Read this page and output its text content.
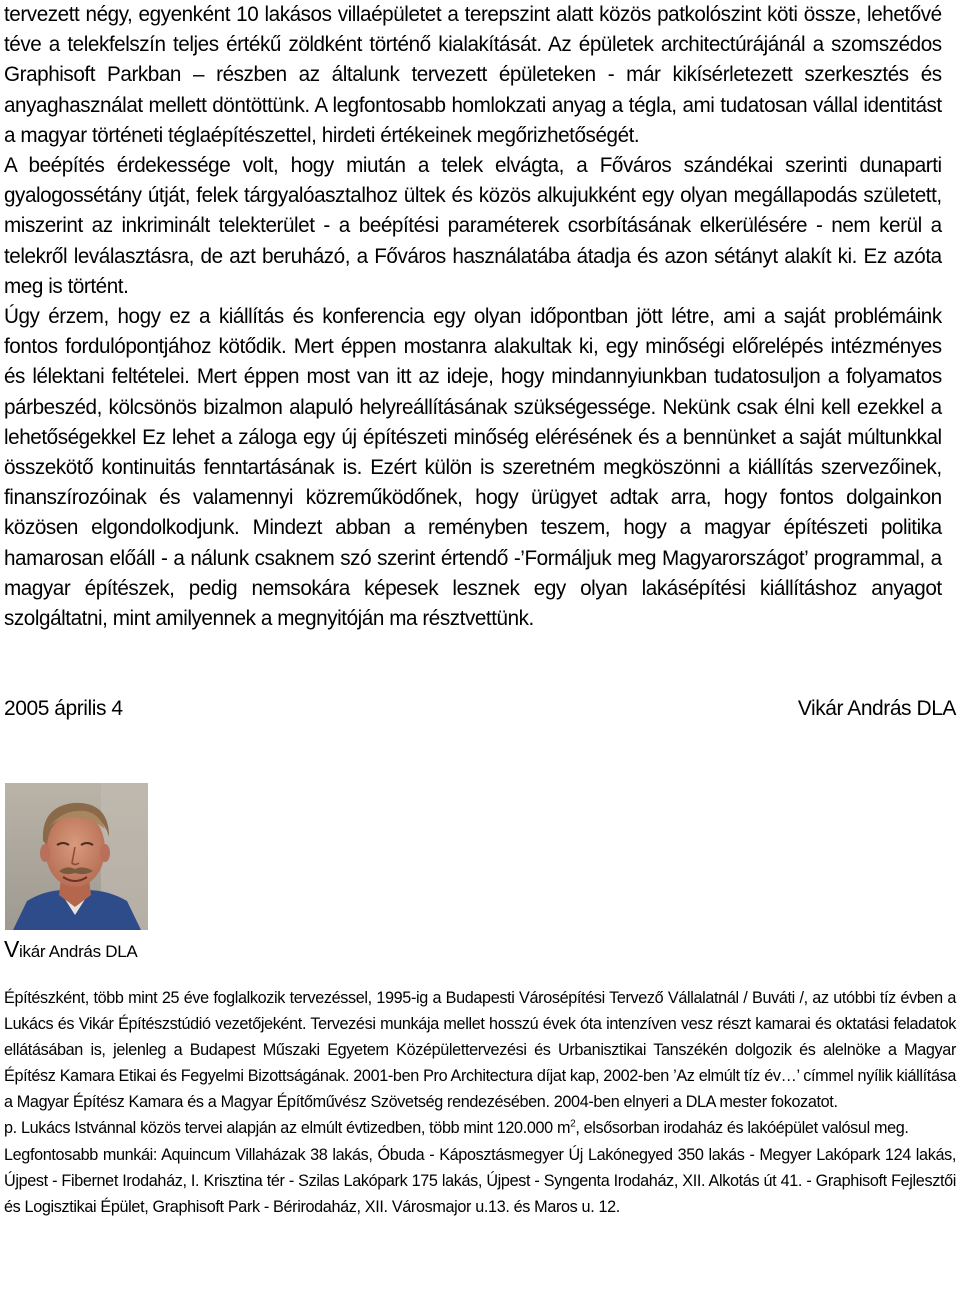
tervezett négy, egyenként 10 lakásos villaépületet a terepszint alatt közös patkolószint köti össze, lehetővé téve a telekfelszín teljes értékű zöldként történő kialakítását. Az épületek architectúrájánál a szomszédos Graphisoft Parkban – részben az általunk tervezett épületeken - már kikísérletezett szerkesztés és anyaghasználat mellett döntöttünk. A legfontosabb homlokzati anyag a tégla, ami tudatosan vállal identitást a magyar történeti téglaépítészettel, hirdeti értékeinek megőrizhetőségét.

A beépítés érdekessége volt, hogy miután a telek elvágta, a Főváros szándékai szerinti dunaparti gyalogossétány útját, felek tárgyalóasztalhoz ültek és közös alkujukként egy olyan megállapodás született, miszerint az inkriminált telekterület - a beépítési paraméterek csorbításának elkerülésére - nem kerül a telekről leválasztásra, de azt beruházó, a Főváros használatába átadja és azon sétányt alakít ki. Ez azóta meg is történt.

Úgy érzem, hogy ez a kiállítás és konferencia egy olyan időpontban jött létre, ami a saját problémáink fontos fordulópontjához kötődik. Mert éppen mostanra alakultak ki, egy minőségi előrelépés intézményes és lélektani feltételei. Mert éppen most van itt az ideje, hogy mindannyiunkban tudatosuljon a folyamatos párbeszéd, kölcsönös bizalmon alapuló helyreállításának szükségessége. Nekünk csak élni kell ezekkel a lehetőségekkel Ez lehet a záloga egy új építészeti minőség elérésének és a bennünket a saját múltunkkal összekötő kontinuitás fenntartásának is. Ezért külön is szeretném megköszönni a kiállítás szervezőinek, finanszírozóinak és valamennyi közreműködőnek, hogy ürügyet adtak arra, hogy fontos dolgainkon közösen elgondolkodjunk. Mindezt abban a reményben teszem, hogy a magyar építészeti politika hamarosan előáll - a nálunk csaknem szó szerint értendő -’Formáljuk meg Magyarországot’ programmal, a magyar építészek, pedig nemsokára képesek lesznek egy olyan lakásépítési kiállításhoz anyagot szolgáltatni, mint amilyennek a megnyitóján ma résztvettünk.

2005 április 4	Vikár András DLA
Vikár András DLA

Építészként, több mint 25 éve foglalkozik tervezéssel, 1995-ig a Budapesti Városépítési Tervező Vállalatnál / Buváti /, az utóbbi tíz évben a Lukács és Vikár Építészstúdió vezetőjeként. Tervezési munkája mellet hosszú évek óta intenzíven vesz részt kamarai és oktatási feladatok ellátásában is, jelenleg a Budapest Műszaki Egyetem Középülettervezési és Urbanisztikai Tanszékén dolgozik és alelnöke a Magyar Építész Kamara Etikai és Fegyelmi Bizottságának. 2001-ben Pro Architectura díjat kap, 2002-ben ’Az elmúlt tíz év…’ címmel nyílik kiállítása a Magyar Építész Kamara és a Magyar Építőművész Szövetség rendezésében. 2004-ben elnyeri a DLA mester fokozatot.

p. Lukács Istvánnal közös tervei alapján az elmúlt évtizedben, több mint 120.000 $m^2$, elsősorban irodaház és lakóépület valósul meg.

Legfontosabb munkái: Aquincum Villaházak 38 lakás, Óbuda - Káposztásmegyer Új Lakónegyed 350 lakás - Megyer Lakópark 124 lakás, Újpest - Fibernet Irodaház, I. Krisztina tér - Szilas Lakópark 175 lakás, Újpest - Syngenta Irodaház, XII. Alkotás út 41. - Graphisoft Fejlesztői és Logisztikai Épület, Graphisoft Park - Bérirodaház, XII. Városmajor u.13. és Maros u. 12.
